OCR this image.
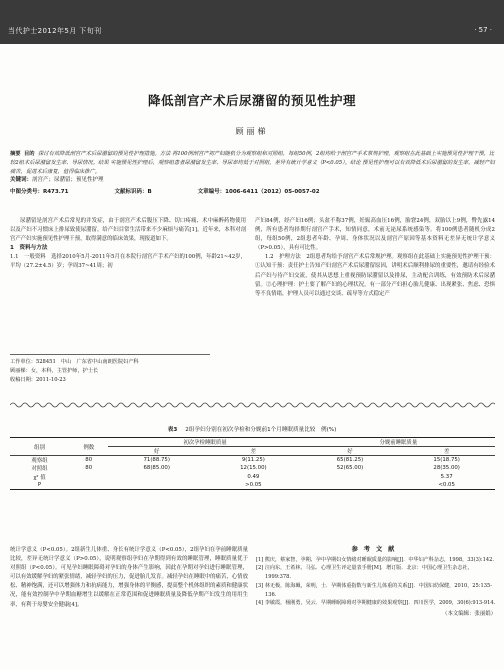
当代护士2012年5月 下旬刊	· 57 ·
降低剖宫产术后尿潴留的预见性护理
顾丽梯
摘要 目的 探讨有效降低剖宫产术后尿潴留的预见性护理措施。方法 将100例剖宫产初产妇随机分为观察组和对照组，每组50例，2组均给予剖宫产手术常规护理，观察组在此基础上实施预见性护理干预，比较2组术后尿潴留发生率、导尿情况。结果 实施预见性护理后，观察组患者尿潴留发生率、导尿率均低于对照组，差异有统计学意义（P<0.05）。结论 预见性护理可以有效降低术后尿潴留的发生率，减轻产妇痛苦，促进术后康复，值得临床推广。
关键词：剖宫产；尿潴留；预见性护理
中图分类号：R473.71	文献标识码：B	文章编号：1006-6411（2012）05-0057-02

尿潴留是剖宫产术后常见的并发症，由于剖宫产术后腹压下降、切口疼痛、术中麻醉药物使用以及产妇不习惯床上排尿致使尿潴留。给产妇目常生活带来不少麻烦与痛苦[1]。近年来，本科对剖宫产产妇实施预见性护理干预，取得满意的临床效果，现报道如下。

1　资料与方法

1.1　一般资料　选择2010年5月-2011年5月在本院行剖宫产手术产妇的100例，年龄21~42岁，平均（27.2±4.5）岁；孕周37~41周；初

产妇84例，经产妇16例；头盆不称37例，妊娠高血压16例，胎窘24例，双胎以上9例，臀先露14例，所有患者均择期行剖宫产手术，知情同意，术前无泌尿系统感染等。将100例患者随机分成2组，每组50例，2组患者年龄、孕周、身体状况以及剖宫产原因等基本资料无差异无统计学意义（P>0.05），具有可比性。

1.2　护理方法　2组患者均给予剖宫产术后常规护理。观察组在此基础上实施预见性护理干预：①认知干预：责任护士告知产妇剖宫产术后尿潴留原因，讲明术后顺利排尿的重要性，邀请有经验术后产妇与待产妇交流，使其从思想上重视预防尿潴留以及排尿，主动配合训练，有效预防术后尿潴留。②心理护理：护士要了解产妇的心理状况，有一部分产妇担心胎儿健康、出现紧张、焦虑、恐惧等不良情绪，护理人员可以通过交谈、疏导等方式稳定产

工作单位：528451　中山　广东省中山南朗医院妇产科
顾丽梯：女，本科，主管护师，护士长
收稿日期：2011-10-23
表3 2组孕妇分别在初次孕检和分娩前1个月睡眠质量比较　例(%)
组别	例数	初次孕检睡眠质量		分娩前睡眠质量	
		好	差	好	差
观察组	80	71(88.75)	9(11.25)	65(81.25)	15(18.75)
对照组	80	68(85.00)	12(15.00)	52(65.00)	28(35.00)
χ² 值			0.49		5.37
P			>0.05		<0.05

统计学意义（P<0.05）。2组新生儿体重、身长有统计学意义（P<0.05），2组孕妇在孕前睡眠质量比较，差异无统计学意义（P>0.05），说明观察组孕妇在孕期得到有效的睡眠管理，睡眠质量优于对照组（P<0.05）。可见孕妇睡眠障碍对孕妇的身体产生影响，因此在孕期对孕妇进行睡眠管理，可以有效缓解孕妇的紧张情绪，减轻孕妇的压力，促进胎儿发育。减轻孕妇在睡眠中的痛苦，心情放松、精神饱满，还可以增强体力和抗病能力，增强身体的平衡感，提高整个机体组织的素质和健康状况，能有效控制孕中孕期血糖增生以缓解在正常范围和促进睡眠质量及降低孕期产妇发生的用用生率，有利于母婴安全健康[4]。

参考文献
[1] 熊庆，蔡家智，孕期、孕中孕期妇女情绪对睡眠质量的影响[J]．中华妇产科杂志，1998，33(3):142.
[2] 汪向东，王希林，马弘．心理卫生评定量表手册[M]．增订版．北京：中国心理卫生杂志社，1999:378.
[3] 林无极，陈海珮，荣明，士．孕期体重指数与新生儿体重的关系[J]．中国妇幼保健，2010，25:135-136.
[4] 李敏霞，杨刚勇，吴云．早期睡眠障碍对孕期健康的效果观察[J]．四川医学，2009，30(6):913-914.
（本文编辑：张丽娟）
